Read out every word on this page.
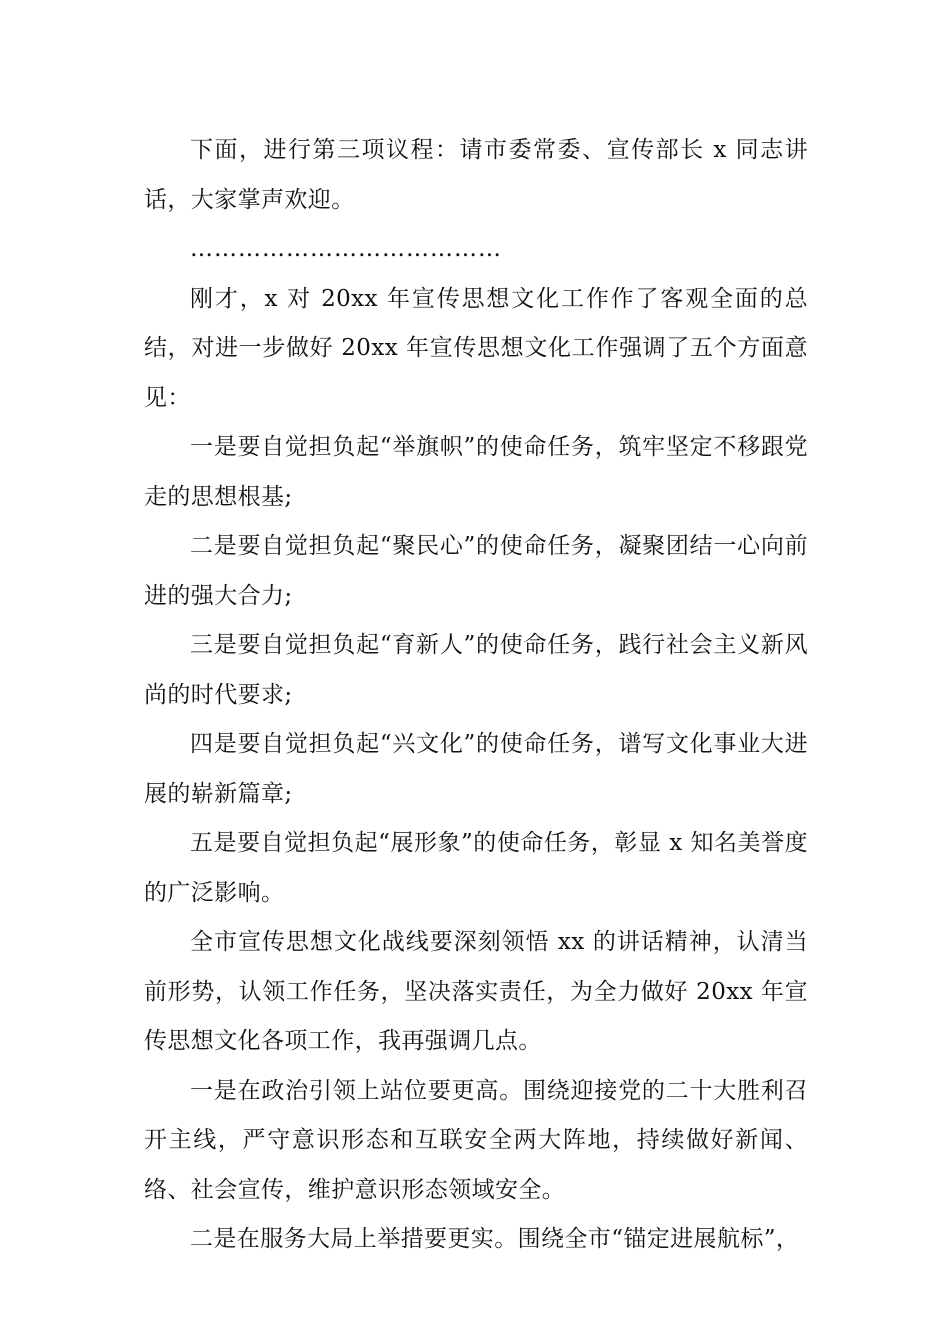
下面，进行第三项议程：请市委常委、宣传部长 x 同志讲话，大家掌声欢迎。

…………………………………

刚才，x 对 20xx 年宣传思想文化工作作了客观全面的总结，对进一步做好 20xx 年宣传思想文化工作强调了五个方面意见：

一是要自觉担负起“举旗帜”的使命任务，筑牢坚定不移跟党走的思想根基;

二是要自觉担负起“聚民心”的使命任务，凝聚团结一心向前进的强大合力;

三是要自觉担负起“育新人”的使命任务，践行社会主义新风尚的时代要求;

四是要自觉担负起“兴文化”的使命任务，谱写文化事业大进展的崭新篇章;

五是要自觉担负起“展形象”的使命任务，彰显 x 知名美誉度的广泛影响。

全市宣传思想文化战线要深刻领悟 xx 的讲话精神，认清当前形势，认领工作任务，坚决落实责任，为全力做好 20xx 年宣传思想文化各项工作，我再强调几点。

一是在政治引领上站位要更高。围绕迎接党的二十大胜利召开主线，严守意识形态和互联安全两大阵地，持续做好新闻、络、社会宣传，维护意识形态领域安全。

二是在服务大局上举措要更实。围绕全市“锚定进展航标”，
